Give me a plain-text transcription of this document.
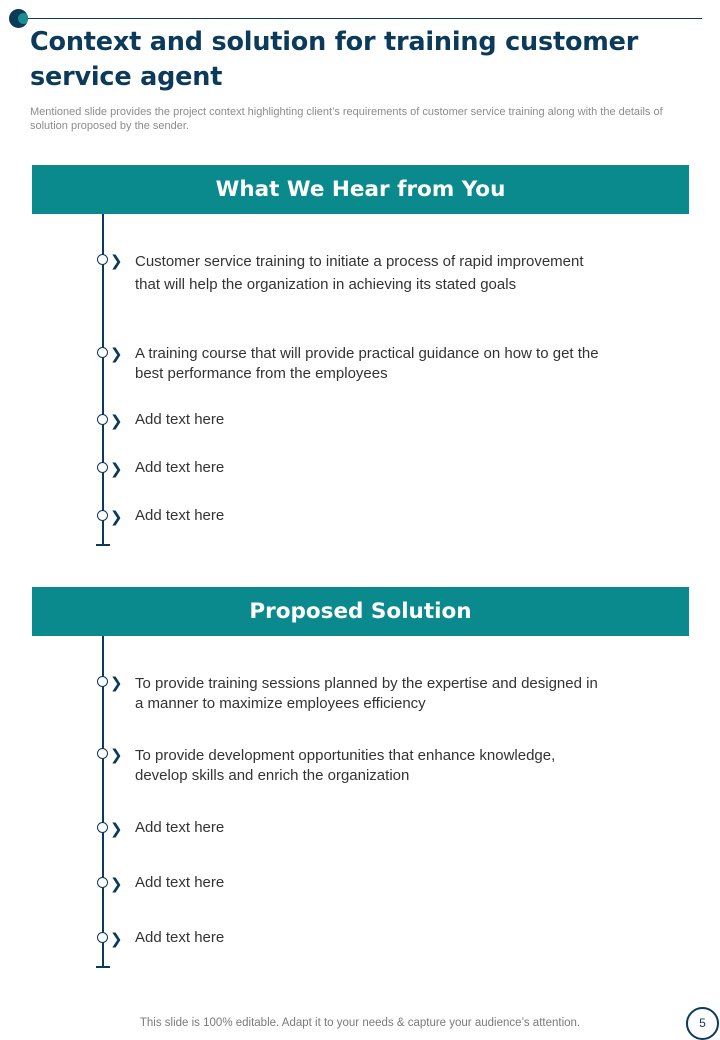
Context and solution for training customer service agent

Mentioned slide provides the project context highlighting client’s requirements of customer service training along with the details of solution proposed by the sender.

What We Hear from You
❯ Customer service training to initiate a process of rapid improvement that will help the organization in achieving its stated goals

❯ A training course that will provide practical guidance on how to get the best performance from the employees

❯ Add text here

❯ Add text here

❯ Add text here

Proposed Solution
❯ To provide training sessions planned by the expertise and designed in a manner to maximize employees efficiency

❯ To provide development opportunities that enhance knowledge, develop skills and enrich the organization

❯ Add text here

❯ Add text here

❯ Add text here

This slide is 100% editable. Adapt it to your needs & capture your audience’s attention.	5
